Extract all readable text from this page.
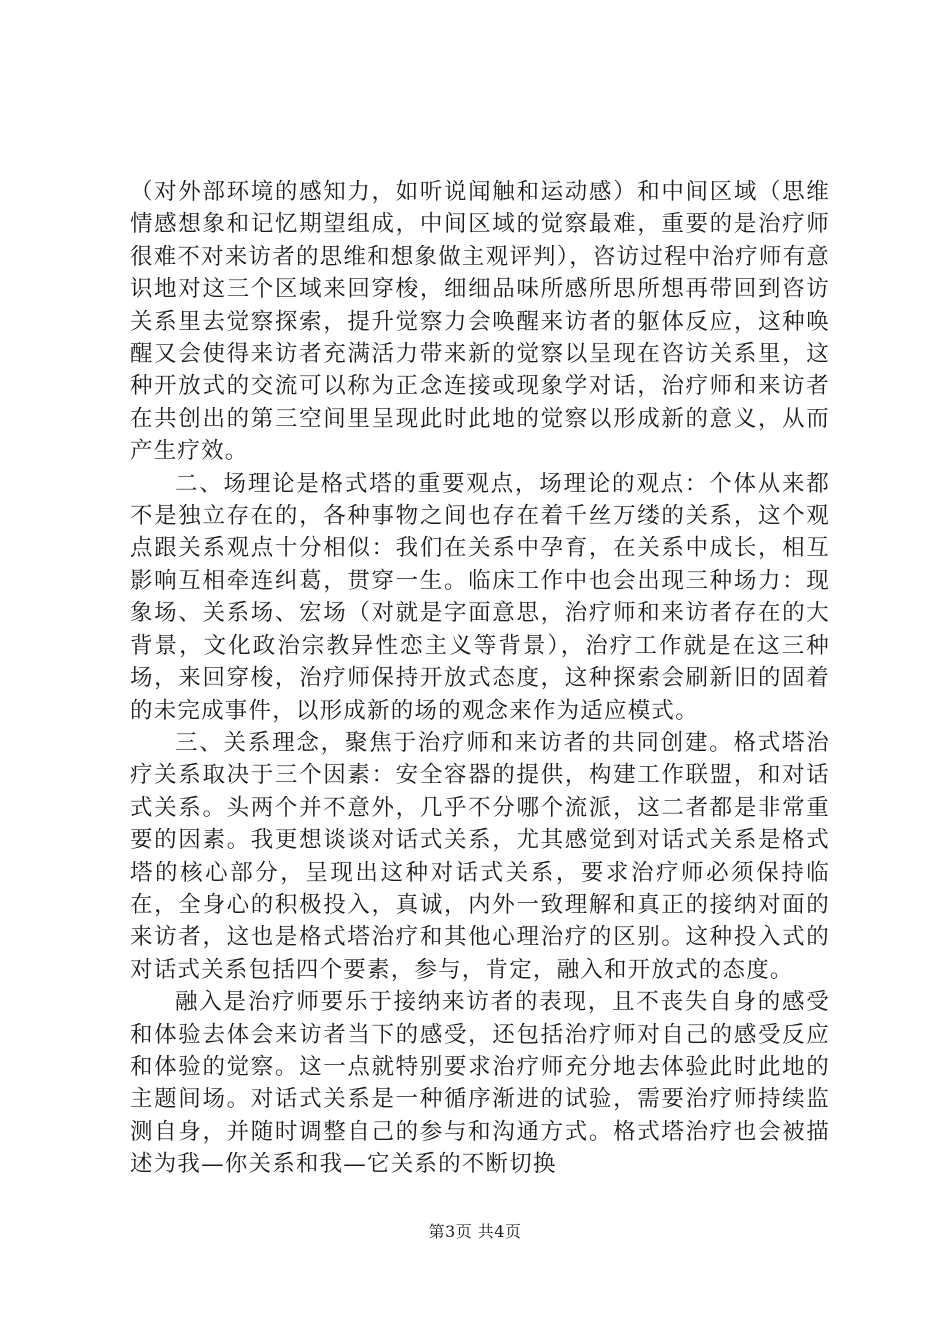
（对外部环境的感知力，如听说闻触和运动感）和中间区域（思维情感想象和记忆期望组成，中间区域的觉察最难，重要的是治疗师很难不对来访者的思维和想象做主观评判），咨访过程中治疗师有意识地对这三个区域来回穿梭，细细品味所感所思所想再带回到咨访关系里去觉察探索，提升觉察力会唤醒来访者的躯体反应，这种唤醒又会使得来访者充满活力带来新的觉察以呈现在咨访关系里，这种开放式的交流可以称为正念连接或现象学对话，治疗师和来访者在共创出的第三空间里呈现此时此地的觉察以形成新的意义，从而产生疗效。

二、场理论是格式塔的重要观点，场理论的观点：个体从来都不是独立存在的，各种事物之间也存在着千丝万缕的关系，这个观点跟关系观点十分相似：我们在关系中孕育，在关系中成长，相互影响互相牵连纠葛，贯穿一生。临床工作中也会出现三种场力：现象场、关系场、宏场（对就是字面意思，治疗师和来访者存在的大背景，文化政治宗教异性恋主义等背景），治疗工作就是在这三种场，来回穿梭，治疗师保持开放式态度，这种探索会刷新旧的固着的未完成事件，以形成新的场的观念来作为适应模式。

三、关系理念，聚焦于治疗师和来访者的共同创建。格式塔治疗关系取决于三个因素：安全容器的提供，构建工作联盟，和对话式关系。头两个并不意外，几乎不分哪个流派，这二者都是非常重要的因素。我更想谈谈对话式关系，尤其感觉到对话式关系是格式塔的核心部分，呈现出这种对话式关系，要求治疗师必须保持临在，全身心的积极投入，真诚，内外一致理解和真正的接纳对面的来访者，这也是格式塔治疗和其他心理治疗的区别。这种投入式的对话式关系包括四个要素，参与，肯定，融入和开放式的态度。

融入是治疗师要乐于接纳来访者的表现，且不丧失自身的感受和体验去体会来访者当下的感受，还包括治疗师对自己的感受反应和体验的觉察。这一点就特别要求治疗师充分地去体验此时此地的主题间场。对话式关系是一种循序渐进的试验，需要治疗师持续监测自身，并随时调整自己的参与和沟通方式。格式塔治疗也会被描述为我—你关系和我—它关系的不断切换

第3页 共4页
